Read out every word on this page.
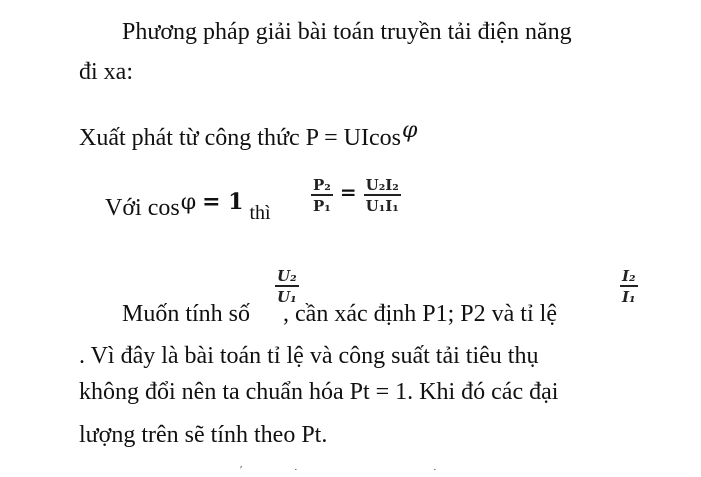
Phương pháp giải bài toán truyền tải điện năng
đi xa:
Xuất phát từ công thức P = UIcosφ
Với cosφ = 1 thì	$\frac{\text{P₂}}{\text{P₁}} = \frac{\text{U₂I₂}}{\text{U₁I₁}}$
$\frac{\text{U₂}}{\text{U₁}}$	$\frac{\text{I₂}}{\text{I₁}}$
Muốn tính số , cần xác định P1; P2 và tỉ lệ
. Vì đây là bài toán tỉ lệ và công suất tải tiêu thụ
không đổi nên ta chuẩn hóa Pt = 1. Khi đó các đại
lượng trên sẽ tính theo Pt.
′	·	·
